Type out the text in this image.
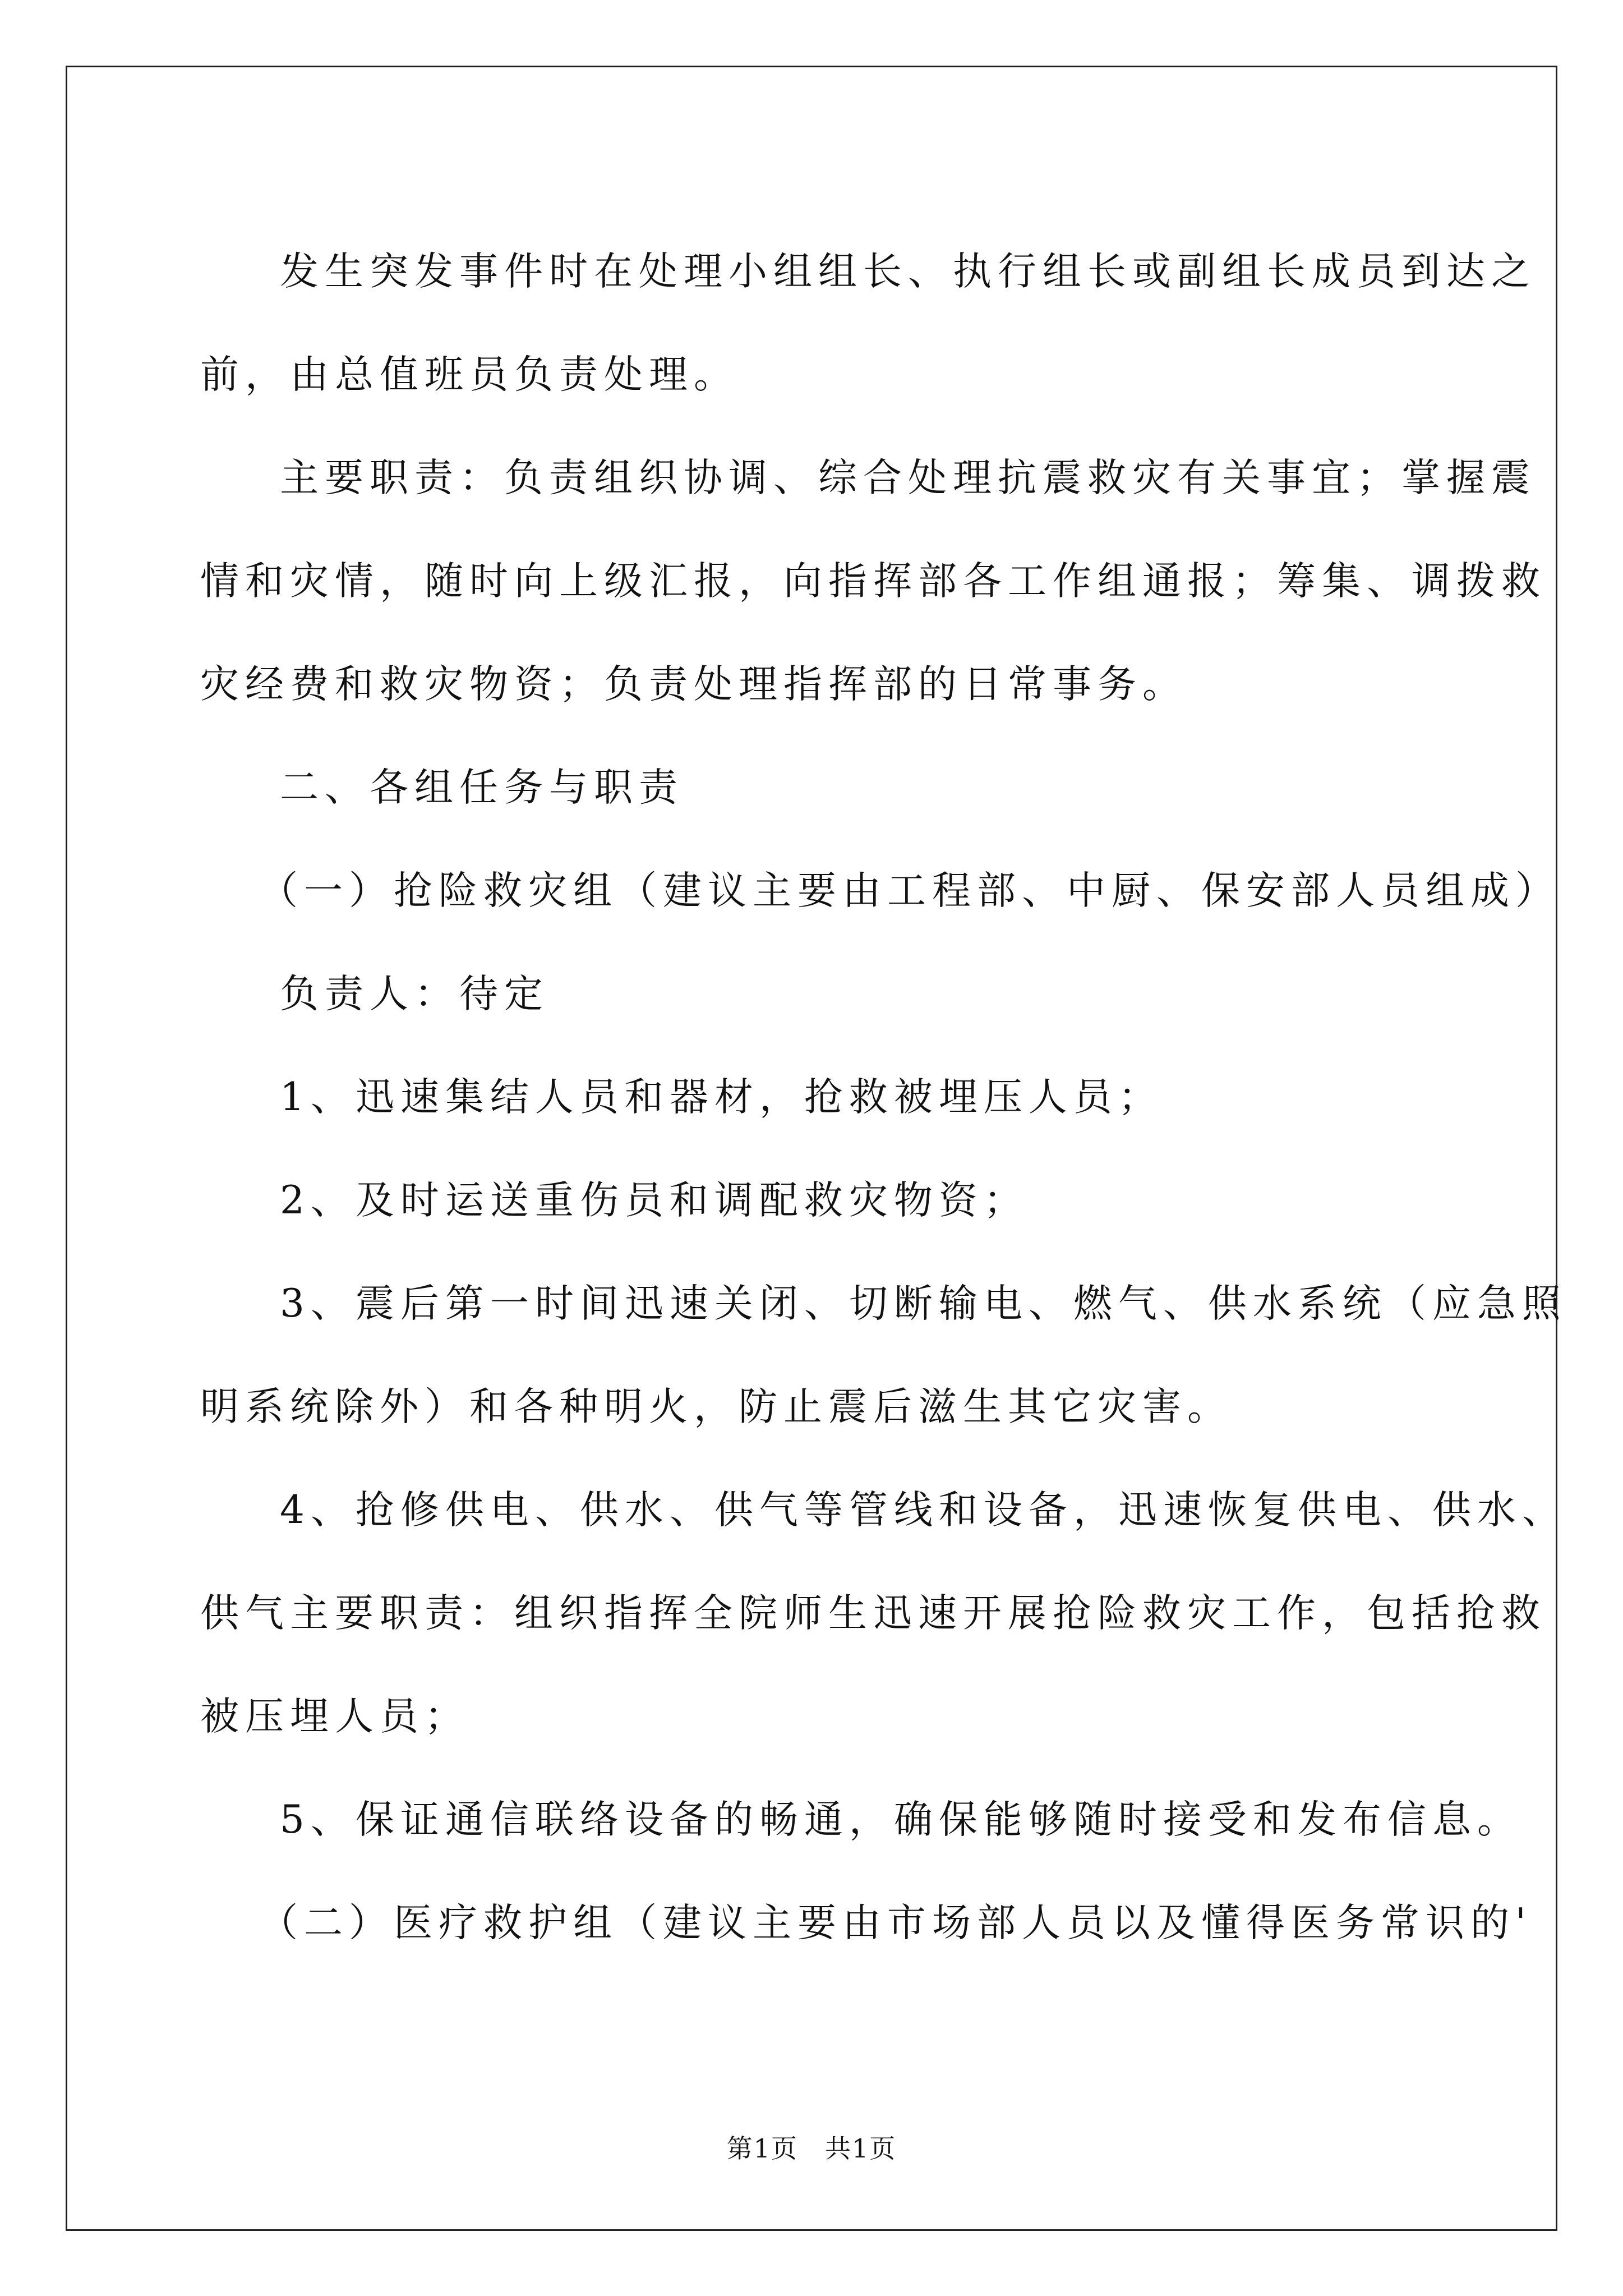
发生突发事件时在处理小组组长、执行组长或副组长成员到达之

前，由总值班员负责处理。

主要职责：负责组织协调、综合处理抗震救灾有关事宜；掌握震

情和灾情，随时向上级汇报，向指挥部各工作组通报；筹集、调拨救

灾经费和救灾物资；负责处理指挥部的日常事务。

二、各组任务与职责

（一）抢险救灾组（建议主要由工程部、中厨、保安部人员组成）

负责人：待定

1、迅速集结人员和器材，抢救被埋压人员；

2、及时运送重伤员和调配救灾物资；

3、震后第一时间迅速关闭、切断输电、燃气、供水系统（应急照

明系统除外）和各种明火，防止震后滋生其它灾害。

4、抢修供电、供水、供气等管线和设备，迅速恢复供电、供水、

供气主要职责：组织指挥全院师生迅速开展抢险救灾工作，包括抢救

被压埋人员；

5、保证通信联络设备的畅通，确保能够随时接受和发布信息。

（二）医疗救护组（建议主要由市场部人员以及懂得医务常识的'

第1页　共1页
